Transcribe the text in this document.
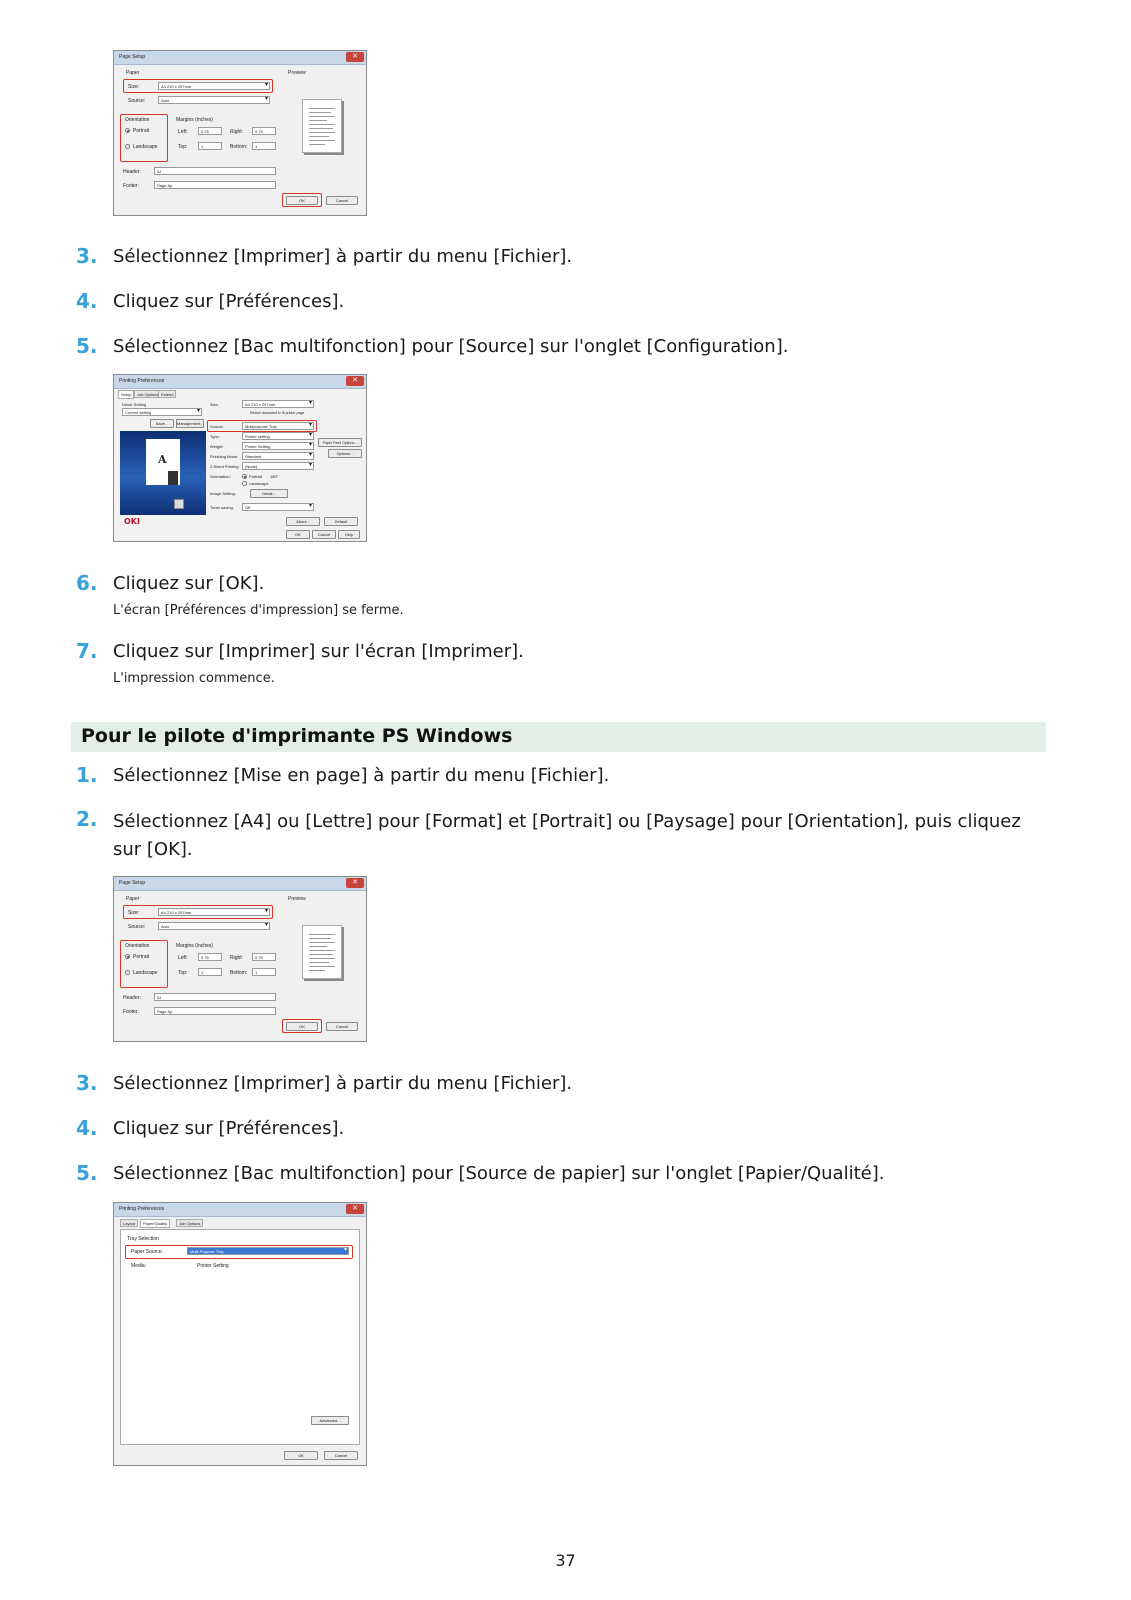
Page Setup	✕
Paper	Preview
Size:	A4 210 x 297mm ▾
Source:	Auto ▾
Orientation
Portrait
Landscape
Margins (inches)
Left:	0.75	Right:	0.75
Top:	1	Bottom:	1
Header:	&f
Footer:	Page &p
OK	Cancel
3. Sélectionnez [Imprimer] à partir du menu [Fichier].
4. Cliquez sur [Préférences].
5. Sélectionnez [Bac multifonction] pour [Source] sur l'onglet [Configuration].
Printing Preferences	✕
Setup	Job Options Extend
Driver Setting
Current setting ▾
Save...	Management...
A
Size:	A4 210 x 297mm ▾
Resize document to fit printer page
Source:	Multipurpose Tray ▾
Type:	Printer setting ▾
Weight:	Printer Setting ▾
Finishing Mode:	Standard ▾
2-Sided Printing:	(None) ▾
Paper Feed Options...
Options...
Orientation:	Portrait
Landscape
180°
Image Setting:	Detail...
Toner saving:	Off ▾
OKI	About...	Default
OK	Cancel	Help
6. Cliquez sur [OK].
L'écran [Préférences d'impression] se ferme.
7. Cliquez sur [Imprimer] sur l'écran [Imprimer].
L'impression commence.
Pour le pilote d'imprimante PS Windows
1. Sélectionnez [Mise en page] à partir du menu [Fichier].
2. Sélectionnez [A4] ou [Lettre] pour [Format] et [Portrait] ou [Paysage] pour [Orientation], puis cliquez sur [OK].
Page Setup	✕
Paper	Preview
Size:	A4 210 x 297mm ▾
Source:	Auto ▾
Orientation
Portrait
Landscape
Margins (inches)
Left:	0.75	Right:	0.75
Top:	1	Bottom:	1
Header:	&f
Footer:	Page &p
OK	Cancel
3. Sélectionnez [Imprimer] à partir du menu [Fichier].
4. Cliquez sur [Préférences].
5. Sélectionnez [Bac multifonction] pour [Source de papier] sur l'onglet [Papier/Qualité].
Printing Preferences	✕
Layout	Paper/Quality	Job Options
Tray Selection
Paper Source:	Multi-Purpose Tray ▾
Media:	Printer Setting
Advanced...
OK	Cancel
37
